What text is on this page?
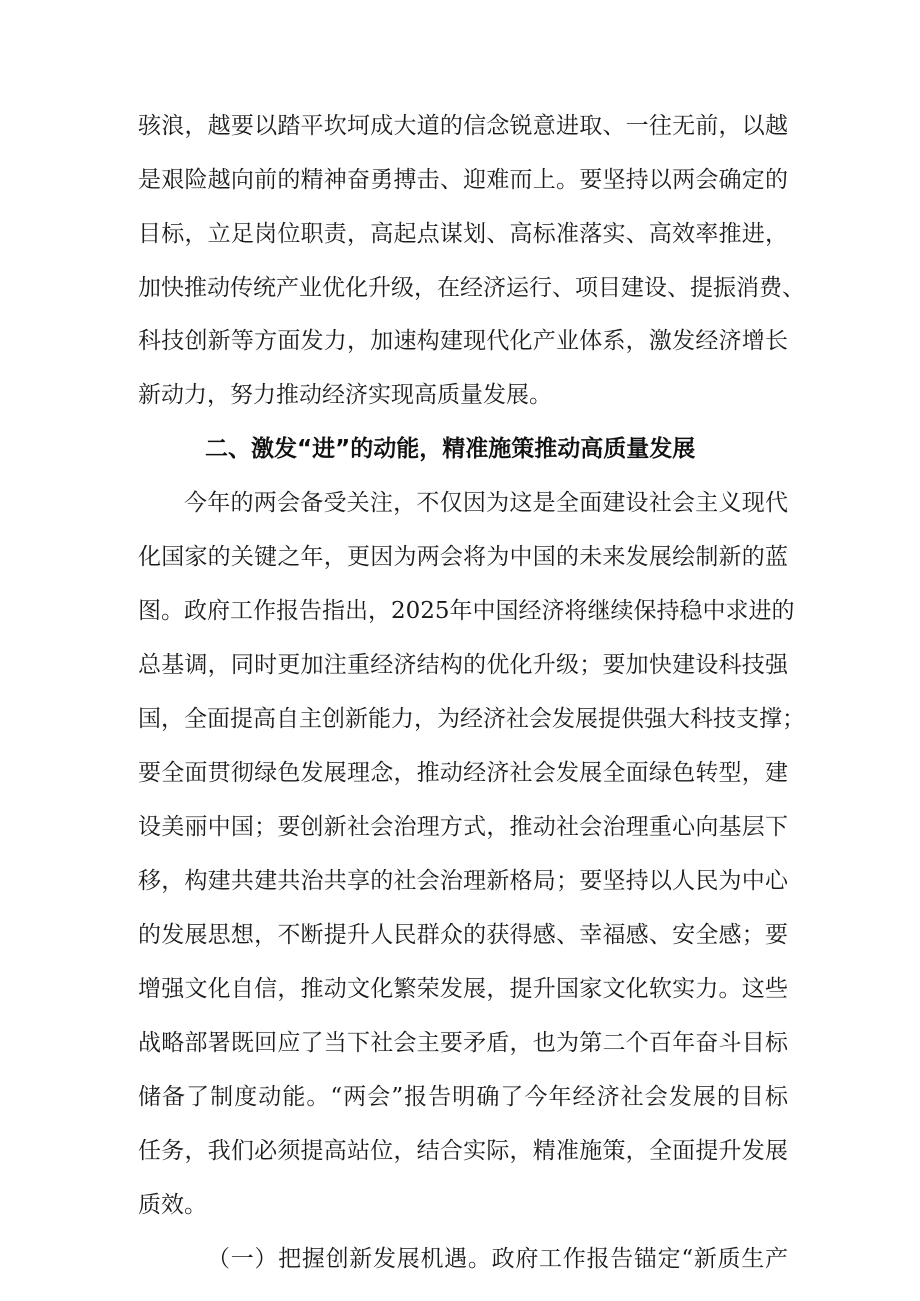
骇浪，越要以踏平坎坷成大道的信念锐意进取、一往无前，以越
是艰险越向前的精神奋勇搏击、迎难而上。要坚持以两会确定的
目标，立足岗位职责，高起点谋划、高标准落实、高效率推进，
加快推动传统产业优化升级，在经济运行、项目建设、提振消费、
科技创新等方面发力，加速构建现代化产业体系，激发经济增长
新动力，努力推动经济实现高质量发展。
二、激发“进”的动能，精准施策推动高质量发展
今年的两会备受关注，不仅因为这是全面建设社会主义现代
化国家的关键之年，更因为两会将为中国的未来发展绘制新的蓝
图。政府工作报告指出，2025年中国经济将继续保持稳中求进的
总基调，同时更加注重经济结构的优化升级；要加快建设科技强
国，全面提高自主创新能力，为经济社会发展提供强大科技支撑；
要全面贯彻绿色发展理念，推动经济社会发展全面绿色转型，建
设美丽中国；要创新社会治理方式，推动社会治理重心向基层下
移，构建共建共治共享的社会治理新格局；要坚持以人民为中心
的发展思想，不断提升人民群众的获得感、幸福感、安全感；要
增强文化自信，推动文化繁荣发展，提升国家文化软实力。这些
战略部署既回应了当下社会主要矛盾，也为第二个百年奋斗目标
储备了制度动能。“两会”报告明确了今年经济社会发展的目标
任务，我们必须提高站位，结合实际，精准施策，全面提升发展
质效。
（一）把握创新发展机遇。政府工作报告锚定“新质生产
